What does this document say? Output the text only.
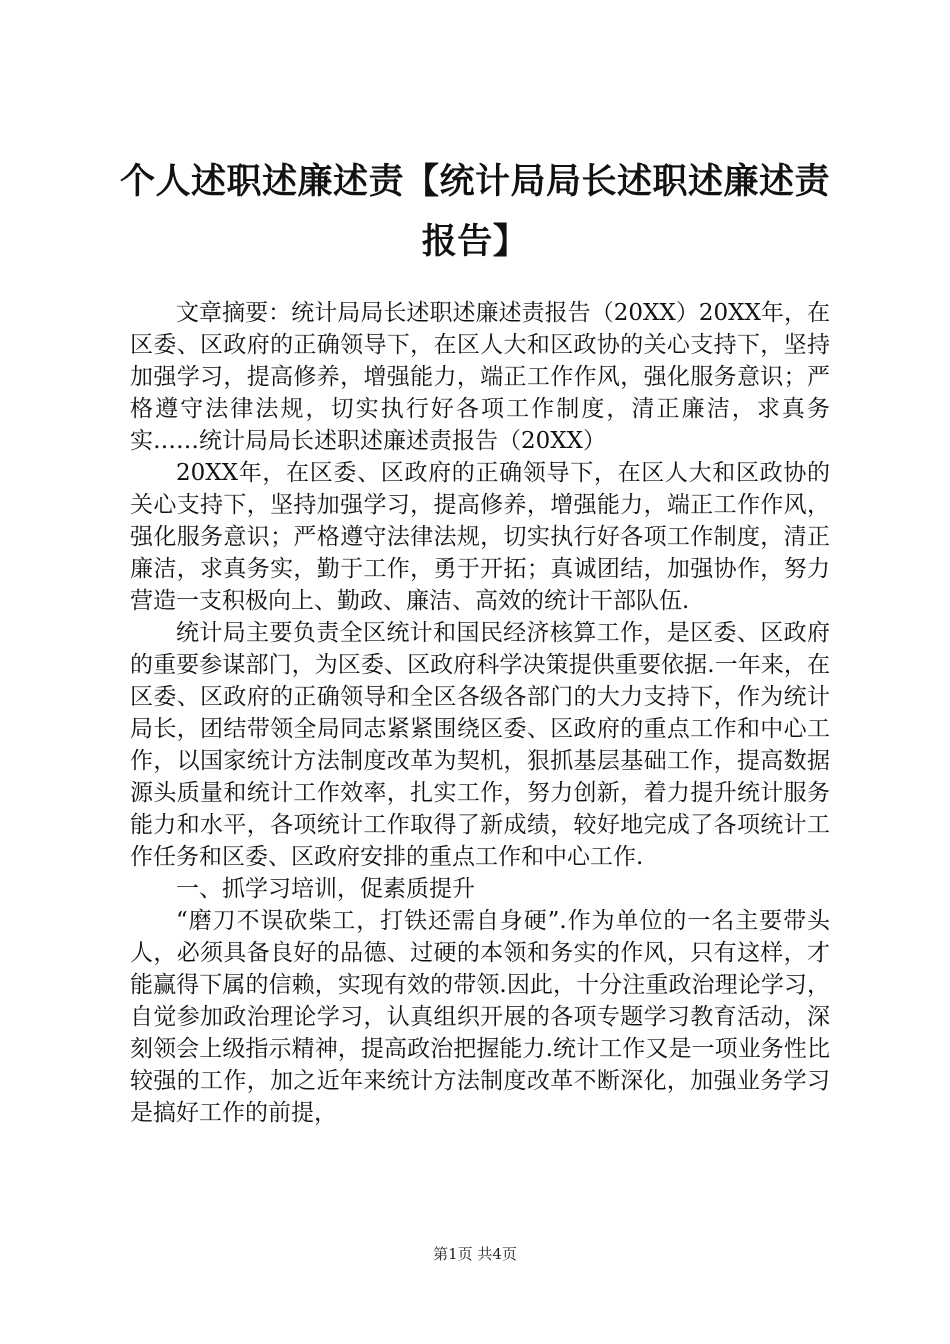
个人述职述廉述责【统计局局长述职述廉述责报告】

文章摘要：统计局局长述职述廉述责报告（20XX）20XX年，在区委、区政府的正确领导下，在区人大和区政协的关心支持下，坚持加强学习，提高修养，增强能力，端正工作作风，强化服务意识；严格遵守法律法规，切实执行好各项工作制度，清正廉洁，求真务实……统计局局长述职述廉述责报告（20XX）

20XX年，在区委、区政府的正确领导下，在区人大和区政协的关心支持下，坚持加强学习，提高修养，增强能力，端正工作作风，强化服务意识；严格遵守法律法规，切实执行好各项工作制度，清正廉洁，求真务实，勤于工作，勇于开拓；真诚团结，加强协作，努力营造一支积极向上、勤政、廉洁、高效的统计干部队伍.

统计局主要负责全区统计和国民经济核算工作，是区委、区政府的重要参谋部门，为区委、区政府科学决策提供重要依据.一年来，在区委、区政府的正确领导和全区各级各部门的大力支持下，作为统计局长，团结带领全局同志紧紧围绕区委、区政府的重点工作和中心工作，以国家统计方法制度改革为契机，狠抓基层基础工作，提高数据源头质量和统计工作效率，扎实工作，努力创新，着力提升统计服务能力和水平，各项统计工作取得了新成绩，较好地完成了各项统计工作任务和区委、区政府安排的重点工作和中心工作.

一、抓学习培训，促素质提升

“磨刀不误砍柴工，打铁还需自身硬”.作为单位的一名主要带头人，必须具备良好的品德、过硬的本领和务实的作风，只有这样，才能赢得下属的信赖，实现有效的带领.因此，十分注重政治理论学习，自觉参加政治理论学习，认真组织开展的各项专题学习教育活动，深刻领会上级指示精神，提高政治把握能力.统计工作又是一项业务性比较强的工作，加之近年来统计方法制度改革不断深化，加强业务学习是搞好工作的前提，

第1页 共4页
